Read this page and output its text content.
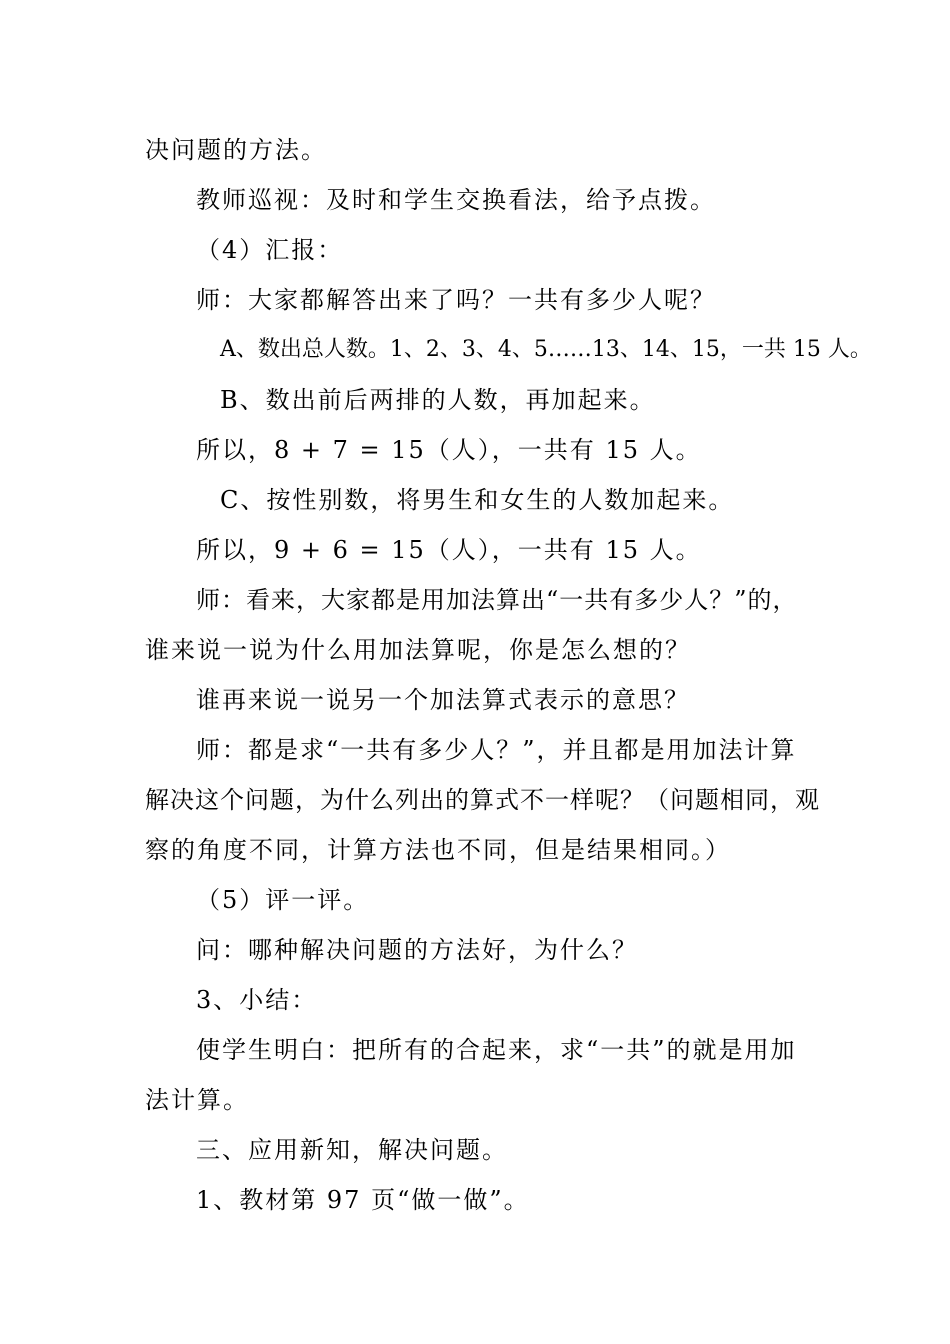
决问题的方法。
教师巡视：及时和学生交换看法，给予点拨。
（4）汇报：
师：大家都解答出来了吗？一共有多少人呢？
A、数出总人数。1、2、3、4、5……13、14、15，一共 15 人。
B、数出前后两排的人数，再加起来。
所以，8 + 7 = 15（人），一共有 15 人。
C、按性别数，将男生和女生的人数加起来。
所以，9 + 6 = 15（人），一共有 15 人。
师：看来，大家都是用加法算出“一共有多少人？”的，
谁来说一说为什么用加法算呢，你是怎么想的？
谁再来说一说另一个加法算式表示的意思？
师：都是求“一共有多少人？”，并且都是用加法计算
解决这个问题，为什么列出的算式不一样呢？（问题相同，观
察的角度不同，计算方法也不同，但是结果相同。）
（5）评一评。
问：哪种解决问题的方法好，为什么？
3、小结：
使学生明白：把所有的合起来，求“一共”的就是用加
法计算。
三、应用新知，解决问题。
1、教材第 97 页“做一做”。
